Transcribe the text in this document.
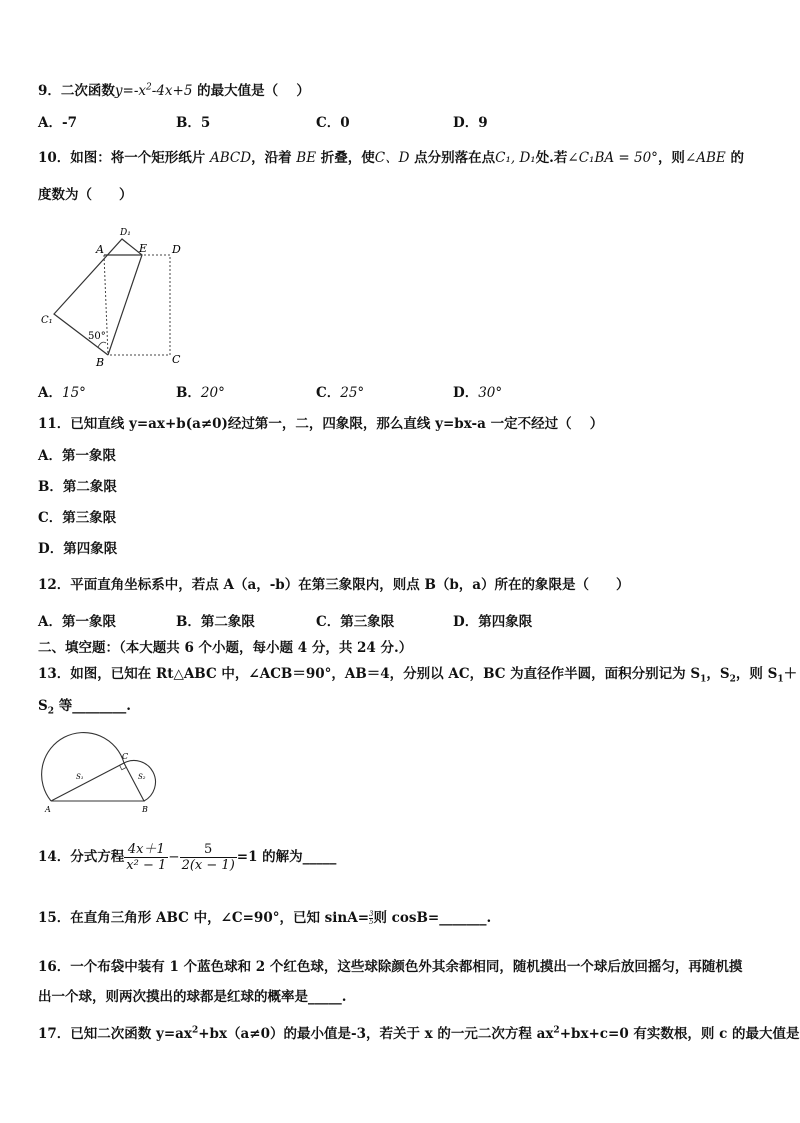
9．二次函数$y=-x^2-4x+5$ 的最大值是（　 ）
A．-7	B．5	C．0	D．9
10．如图：将一个矩形纸片 ABCD，沿着 BE 折叠，使C、D 点分别落在点C₁, D₁处.若∠C₁BA = 50°，则∠ABE 的
度数为（　　）
A
D₁
E D
C₁
50°
B	C
A．15°	B．20°	C．25°	D．30°
11．已知直线 y=ax+b(a≠0)经过第一，二，四象限，那么直线 y=bx-a 一定不经过（　 ）
A．第一象限
B．第二象限
C．第三象限
D．第四象限
12．平面直角坐标系中，若点 A（a，-b）在第三象限内，则点 B（b，a）所在的象限是（　　）
A．第一象限	B．第二象限	C．第三象限	D．第四象限
二、填空题：（本大题共 6 个小题，每小题 4 分，共 24 分.）
13．如图，已知在 Rt△ABC 中，∠ACB＝90°，AB＝4，分别以 AC，BC 为直径作半圆，面积分别记为 $S_1$，$S_2$，则 $S_1+$
$S_2$ 等________.
A	B
C
S₁	S₂
14．分式方程 $\frac{4x+1}{\text{x² − 1}} - \frac{5}{2(x - 1)} =1$ 的解为_____
15．在直角三角形 ABC 中，∠C=90°，已知 $\sin A= \frac{3}{5}$ 则 cosB=_______.
16．一个布袋中装有 1 个蓝色球和 2 个红色球，这些球除颜色外其余都相同，随机摸出一个球后放回摇匀，再随机摸
出一个球，则两次摸出的球都是红球的概率是_____.
17．已知二次函数 $y=ax^2+bx(a\ne 0)$的最小值是-3，若关于 x 的一元二次方程 $ax^2+bx+c=0$ 有实数根，则 c 的最大值是
